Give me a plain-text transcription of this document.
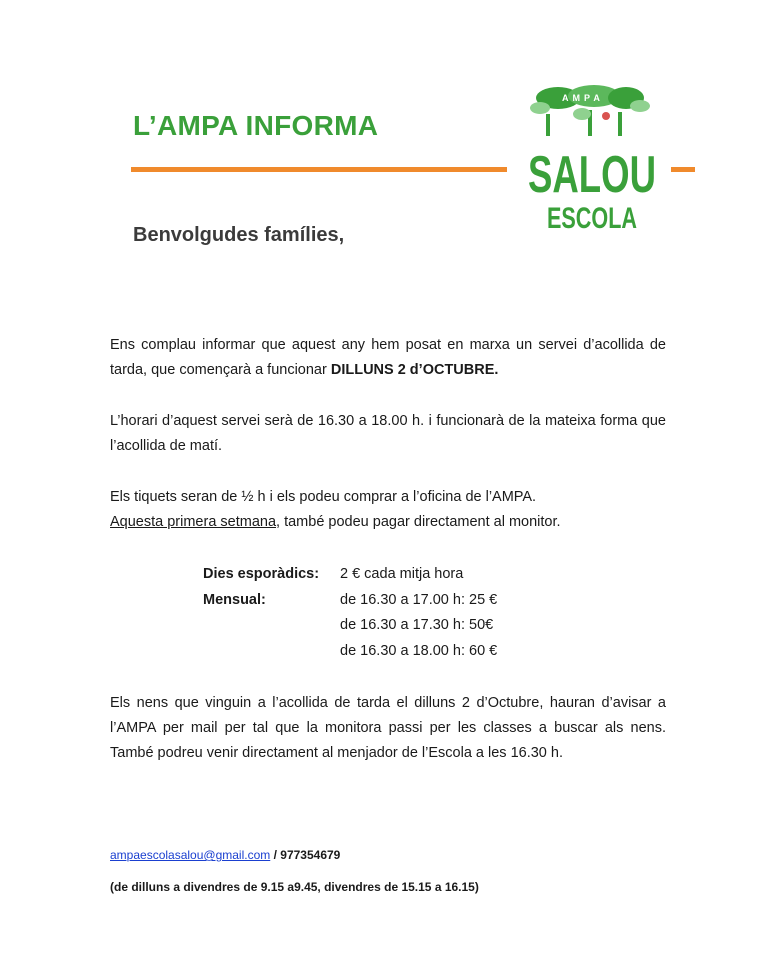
L’AMPA INFORMA
AMPA
SALOU
ESCOLA

Benvolgudes famílies,

Ens complau informar que aquest any hem posat en marxa un servei d’acollida de tarda, que començarà a funcionar DILLUNS 2 d’OCTUBRE.

L’horari d’aquest servei serà de 16.30 a 18.00 h. i funcionarà de la mateixa forma que l’acollida de matí.

Els tiquets seran de ½ h i els podeu comprar a l’oficina de l’AMPA.
Aquesta primera setmana, també podeu pagar directament al monitor.

Dies esporàdics:	2 € cada mitja hora
Mensual:	de 16.30 a 17.00 h: 25 €
de 16.30 a 17.30 h: 50€
de 16.30 a 18.00 h: 60 €

Els nens que vinguin a l’acollida de tarda el dilluns 2 d’Octubre, hauran d’avisar a l’AMPA per mail per tal que la monitora passi per les classes a buscar als nens. També podreu venir directament al menjador de l’Escola a les 16.30 h.

ampaescolasalou@gmail.com / 977354679

(de dilluns a divendres de 9.15 a9.45, divendres de 15.15 a 16.15)
